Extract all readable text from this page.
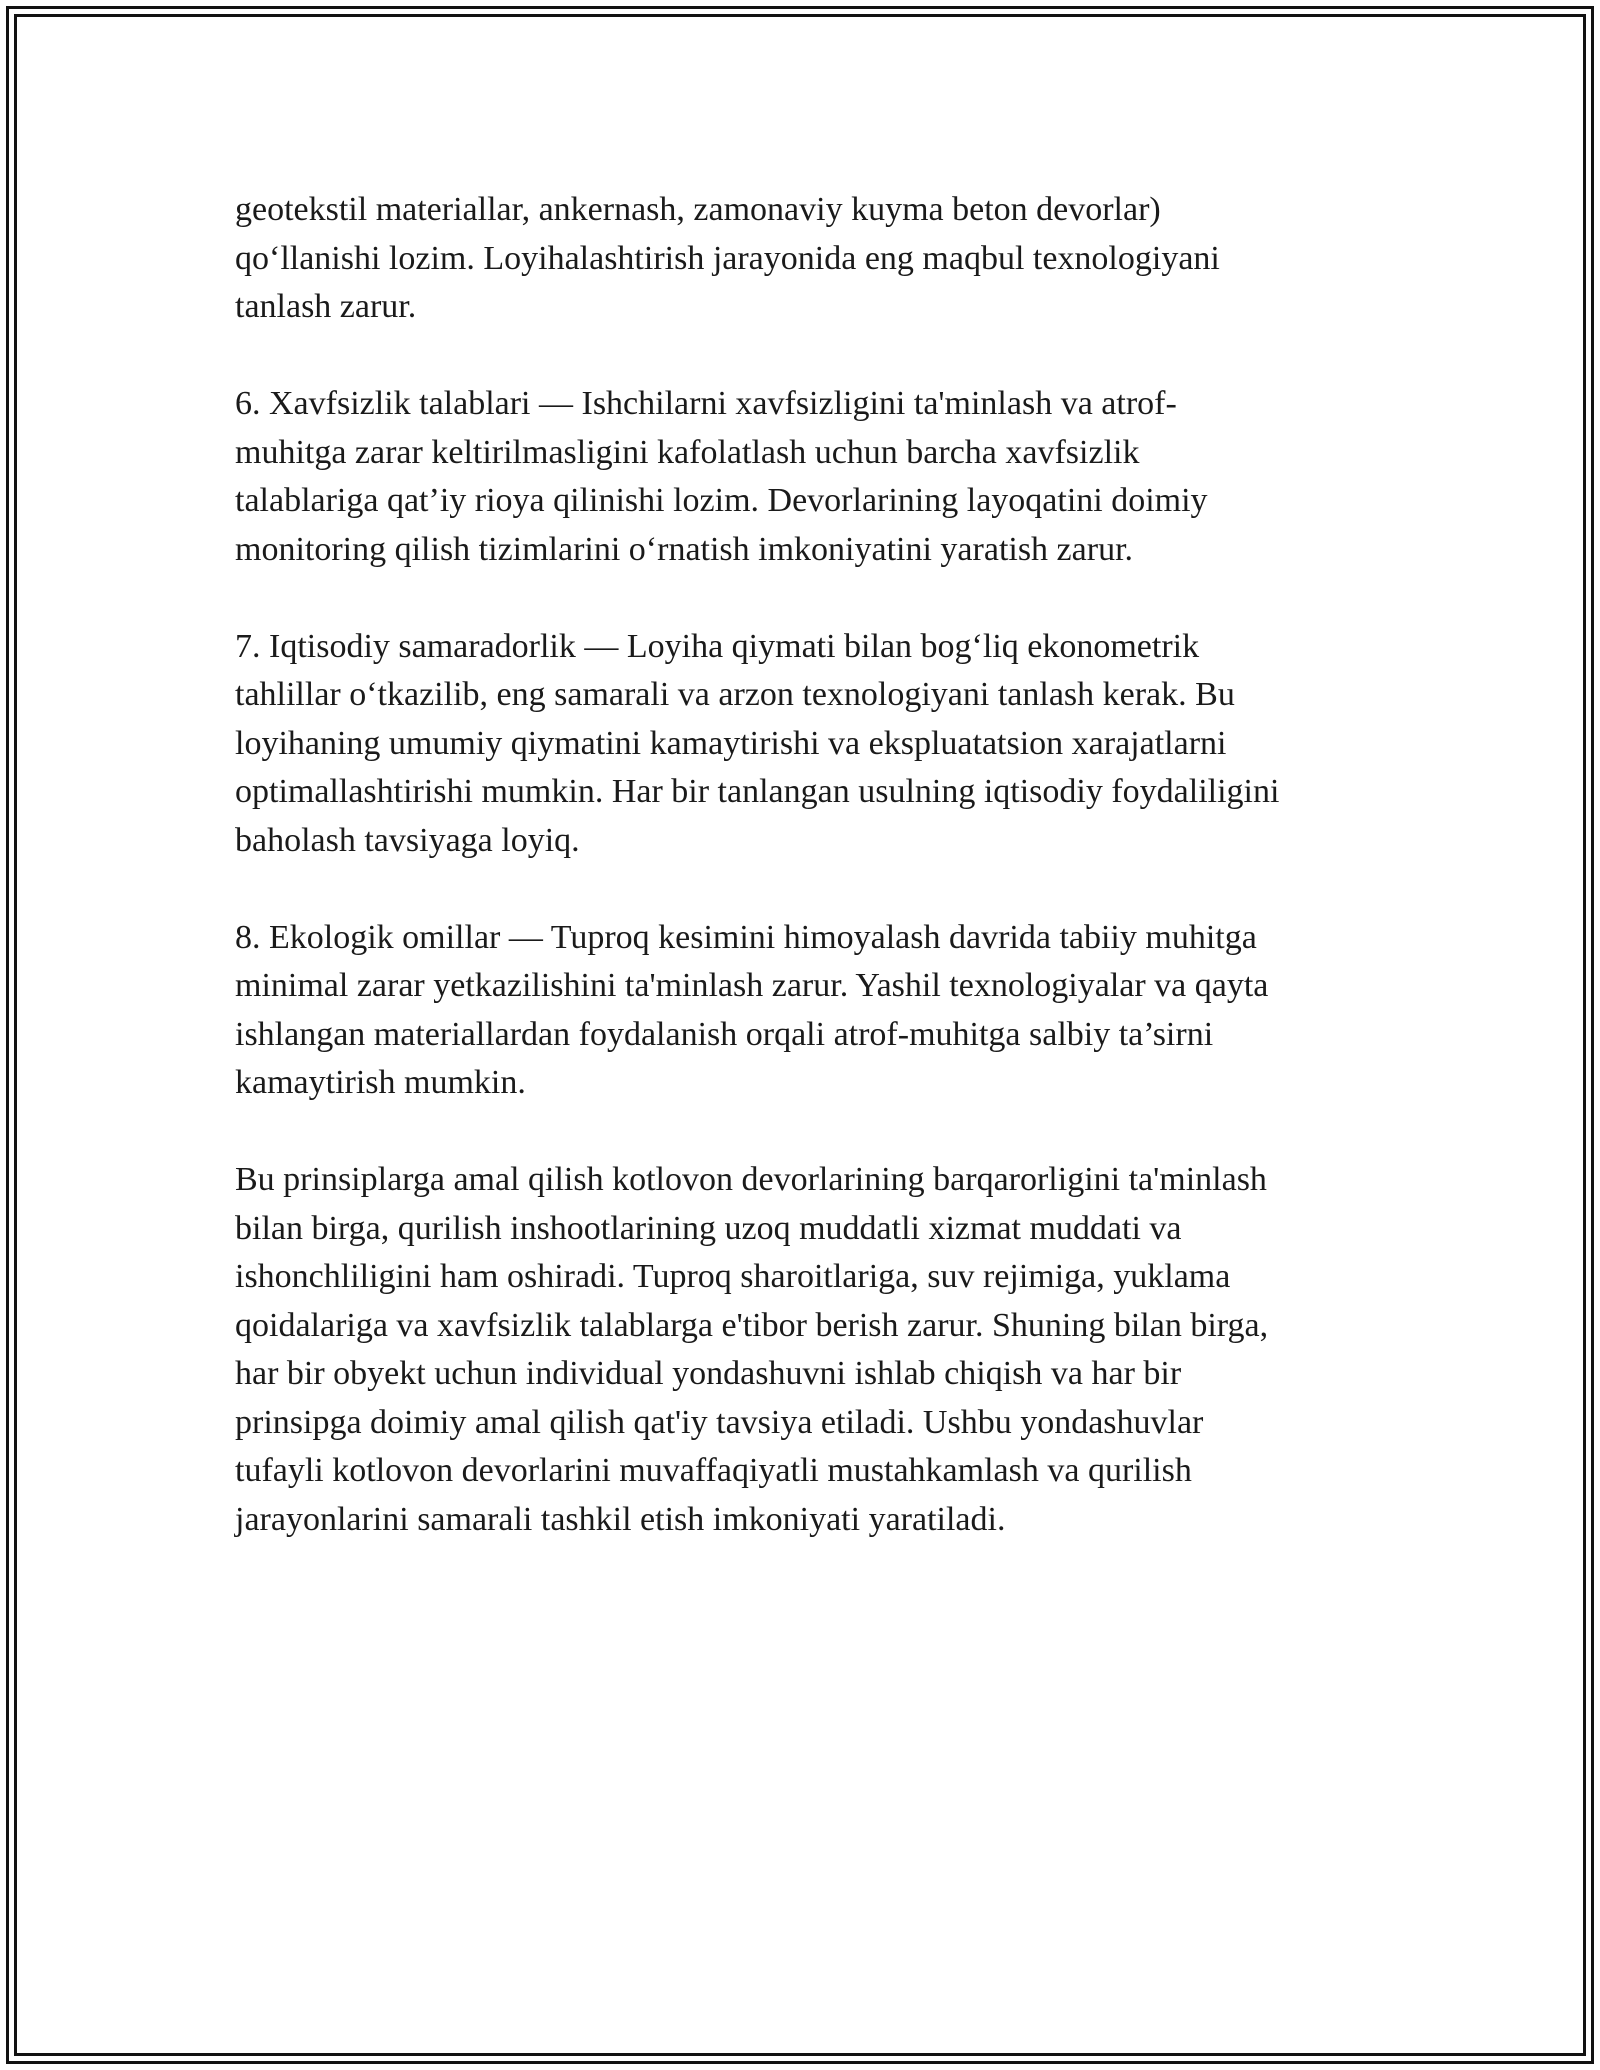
geotekstil materiallar, ankernash, zamonaviy kuyma beton devorlar)
qo‘llanishi lozim. Loyihalashtirish jarayonida eng maqbul texnologiyani
tanlash zarur.

6. Xavfsizlik talablari — Ishchilarni xavfsizligini ta'minlash va atrof-
muhitga zarar keltirilmasligini kafolatlash uchun barcha xavfsizlik
talablariga qat’iy rioya qilinishi lozim. Devorlarining layoqatini doimiy
monitoring qilish tizimlarini o‘rnatish imkoniyatini yaratish zarur.

7. Iqtisodiy samaradorlik — Loyiha qiymati bilan bog‘liq ekonometrik
tahlillar o‘tkazilib, eng samarali va arzon texnologiyani tanlash kerak. Bu
loyihaning umumiy qiymatini kamaytirishi va ekspluatatsion xarajatlarni
optimallashtirishi mumkin. Har bir tanlangan usulning iqtisodiy foydaliligini
baholash tavsiyaga loyiq.

8. Ekologik omillar — Tuproq kesimini himoyalash davrida tabiiy muhitga
minimal zarar yetkazilishini ta'minlash zarur. Yashil texnologiyalar va qayta
ishlangan materiallardan foydalanish orqali atrof-muhitga salbiy ta’sirni
kamaytirish mumkin.

Bu prinsiplarga amal qilish kotlovon devorlarining barqarorligini ta'minlash
bilan birga, qurilish inshootlarining uzoq muddatli xizmat muddati va
ishonchliligini ham oshiradi. Tuproq sharoitlariga, suv rejimiga, yuklama
qoidalariga va xavfsizlik talablarga e'tibor berish zarur. Shuning bilan birga,
har bir obyekt uchun individual yondashuvni ishlab chiqish va har bir
prinsipga doimiy amal qilish qat'iy tavsiya etiladi. Ushbu yondashuvlar
tufayli kotlovon devorlarini muvaffaqiyatli mustahkamlash va qurilish
jarayonlarini samarali tashkil etish imkoniyati yaratiladi.
